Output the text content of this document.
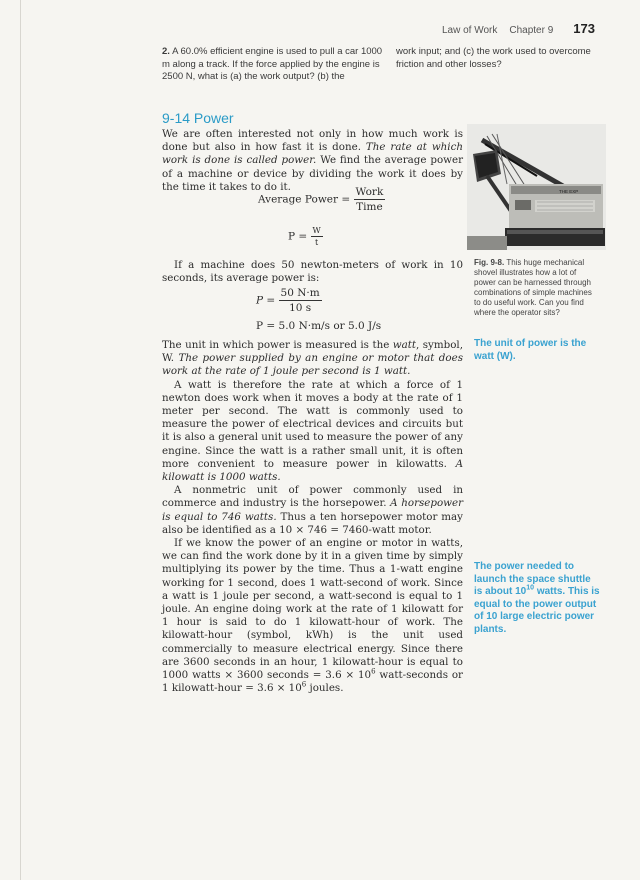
Law of Work Chapter 9 173
2. A 60.0% efficient engine is used to pull a car 1000 m along a track. If the force applied by the engine is 2500 N, what is (a) the work output? (b) the
work input; and (c) the work used to overcome friction and other losses?
9-14 Power

We are often interested not only in how much work is done but also in how fast it is done. The rate at which work is done is called power. We find the average power of a machine or device by dividing the work it does by the time it takes to do it.

Average Power = $\frac{\text{Work}}{\text{Time}}$
$P = \frac{W}{t}$

If a machine does 50 newton-meters of work in 10 seconds, its average power is:

$P = \frac{50 N\cdot m}{10 s}$
P = 5.0 N·m/s or 5.0 J/s

The unit in which power is measured is the watt, symbol, W. The power supplied by an engine or motor that does work at the rate of 1 joule per second is 1 watt.

A watt is therefore the rate at which a force of 1 newton does work when it moves a body at the rate of 1 meter per second. The watt is commonly used to measure the power of electrical devices and circuits but it is also a general unit used to measure the power of any engine. Since the watt is a rather small unit, it is often more convenient to measure power in kilowatts. A kilowatt is 1000 watts.

A nonmetric unit of power commonly used in commerce and industry is the horsepower. A horsepower is equal to 746 watts. Thus a ten horsepower motor may also be identified as a 10 × 746 = 7460-watt motor.

If we know the power of an engine or motor in watts, we can find the work done by it in a given time by simply multiplying its power by the time. Thus a 1-watt engine working for 1 second, does 1 watt-second of work. Since a watt is 1 joule per second, a watt-second is equal to 1 joule. An engine doing work at the rate of 1 kilowatt for 1 hour is said to do 1 kilowatt-hour of work. The kilowatt-hour (symbol, kWh) is the unit used commercially to measure electrical energy. Since there are 3600 seconds in an hour, 1 kilowatt-hour is equal to 1000 watts × 3600 seconds = $3.6 \times 10^6$ watt-seconds or 1 kilowatt-hour = $3.6 \times 10^6$ joules.

THE EXP
Fig. 9-8. This huge mechanical shovel illustrates how a lot of power can be harnessed through combinations of simple machines to do useful work. Can you find where the operator sits?
The unit of power is the watt (W).
The power needed to launch the space shuttle is about $10^{10}$ watts. This is equal to the power output of 10 large electric power plants.
